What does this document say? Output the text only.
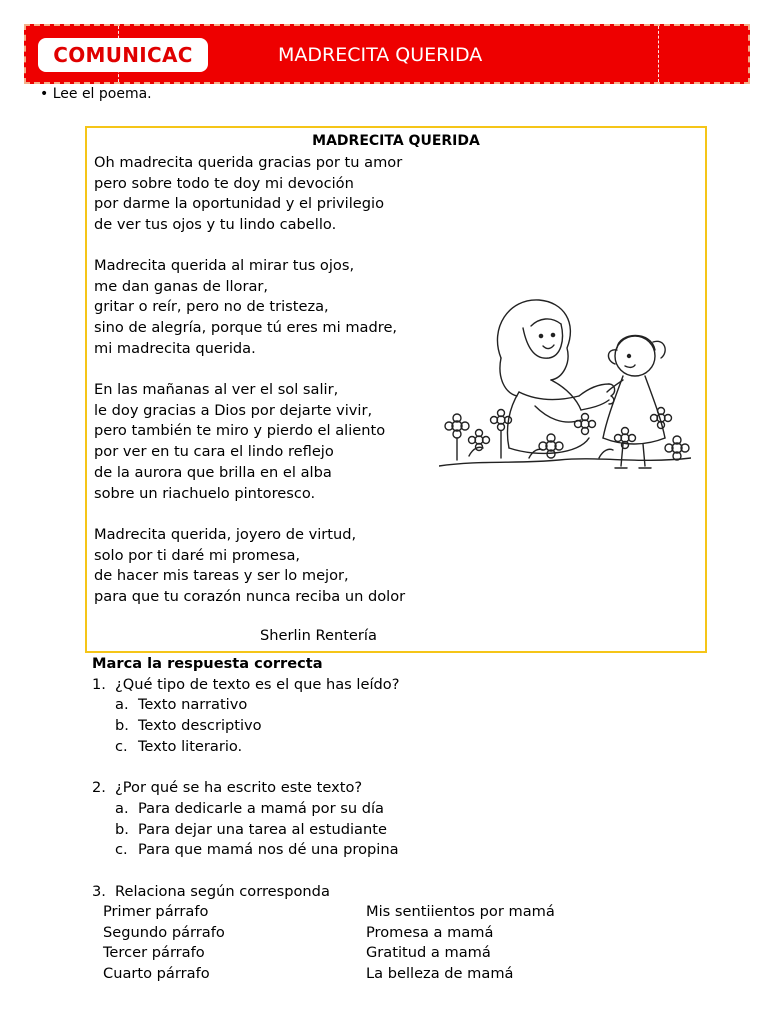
COMUNICAC	MADRECITA QUERIDA
• Lee el poema.
MADRECITA QUERIDA
Oh madrecita querida gracias por tu amor
pero sobre todo te doy mi devoción
por darme la oportunidad y el privilegio
de ver tus ojos y tu lindo cabello.
Madrecita querida al mirar tus ojos,
me dan ganas de llorar,
gritar o reír, pero no de tristeza,
sino de alegría, porque tú eres mi madre,
mi madrecita querida.
En las mañanas al ver el sol salir,
le doy gracias a Dios por dejarte vivir,
pero también te miro y pierdo el aliento
por ver en tu cara el lindo reflejo
de la aurora que brilla en el alba
sobre un riachuelo pintoresco.
Madrecita querida, joyero de virtud,
solo por ti daré mi promesa,
de hacer mis tareas y ser lo mejor,
para que tu corazón nunca reciba un dolor
Sherlin Rentería
Marca la respuesta correcta
1. ¿Qué tipo de texto es el que has leído?
a. Texto narrativo
b. Texto descriptivo
c. Texto literario.
2. ¿Por qué se ha escrito este texto?
a. Para dedicarle a mamá por su día
b. Para dejar una tarea al estudiante
c. Para que mamá nos dé una propina
3. Relaciona según corresponda
Primer párrafo
Segundo párrafo
Tercer párrafo
Cuarto párrafo
Mis sentiientos por mamá
Promesa a mamá
Gratitud a mamá
La belleza de mamá
